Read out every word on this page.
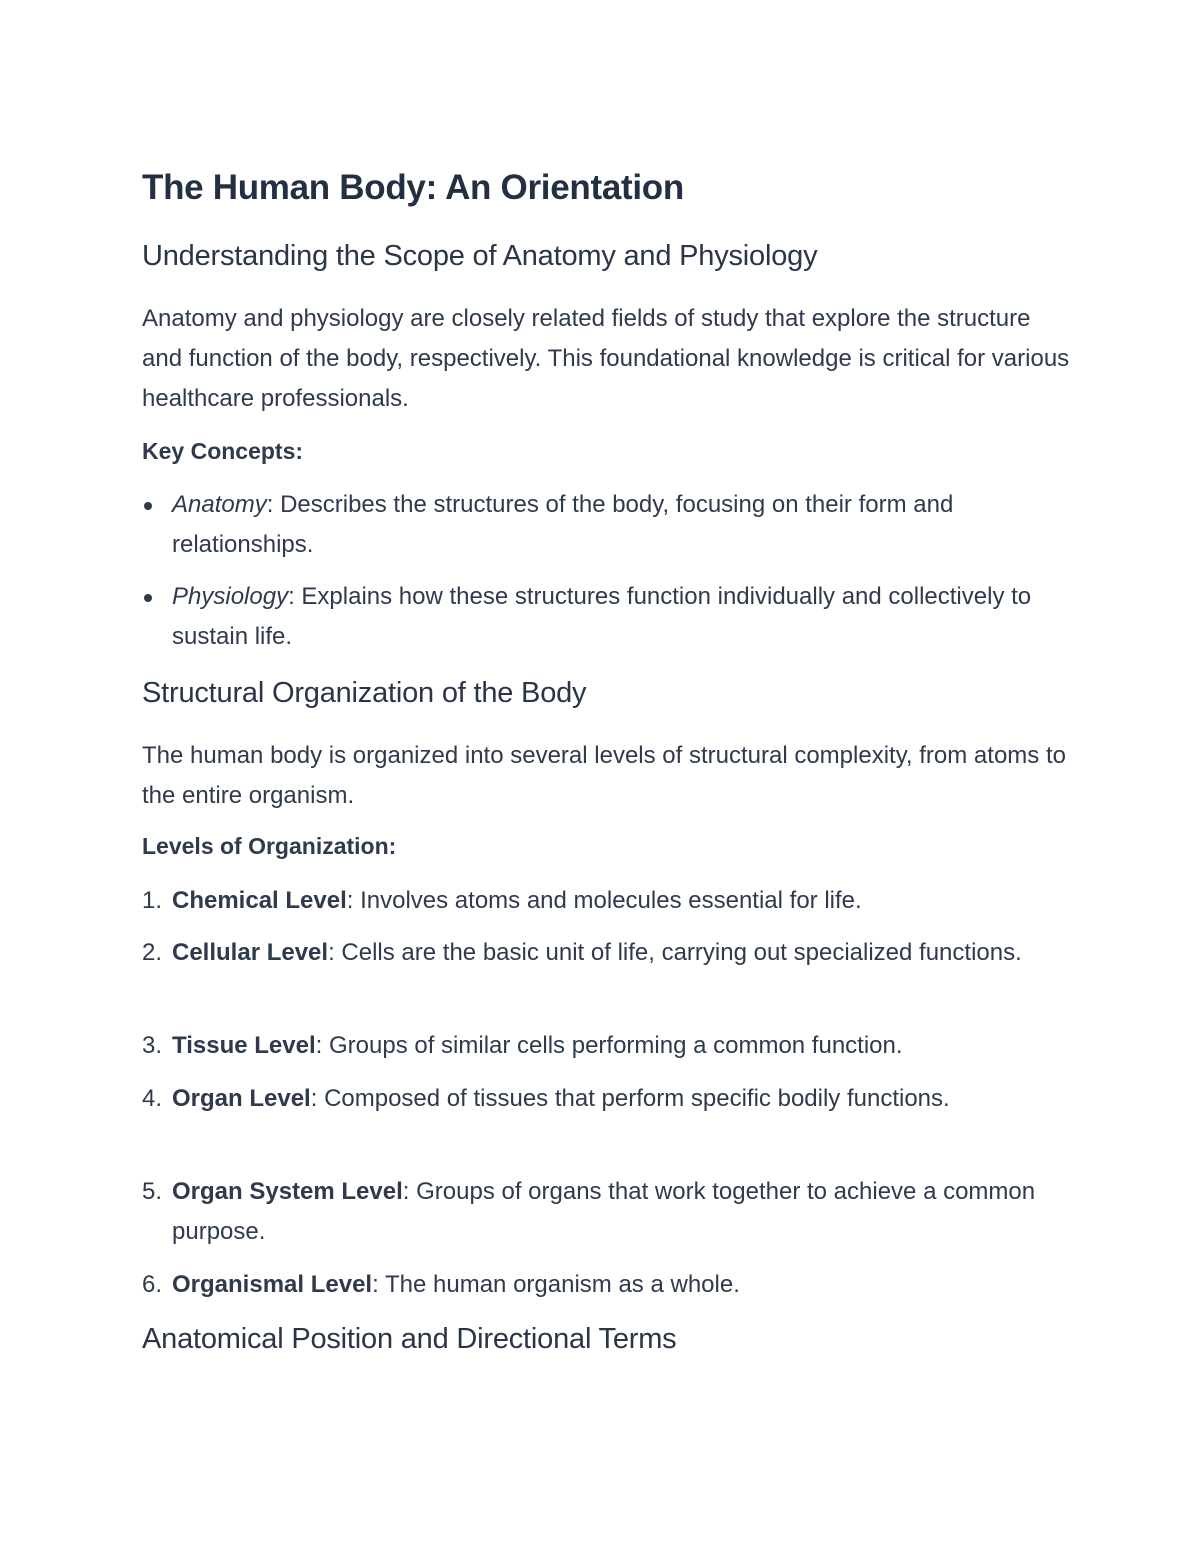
The Human Body: An Orientation
Understanding the Scope of Anatomy and Physiology

Anatomy and physiology are closely related fields of study that explore the structure and function of the body, respectively. This foundational knowledge is critical for various healthcare professionals.

Key Concepts:

Anatomy: Describes the structures of the body, focusing on their form and relationships.
Physiology: Explains how these structures function individually and collectively to sustain life.
Structural Organization of the Body

The human body is organized into several levels of structural complexity, from atoms to the entire organism.

Levels of Organization:

1. Chemical Level: Involves atoms and molecules essential for life.
2. Cellular Level: Cells are the basic unit of life, carrying out specialized functions.
3. Tissue Level: Groups of similar cells performing a common function.
4. Organ Level: Composed of tissues that perform specific bodily functions.
5. Organ System Level: Groups of organs that work together to achieve a common purpose.
6. Organismal Level: The human organism as a whole.
Anatomical Position and Directional Terms
